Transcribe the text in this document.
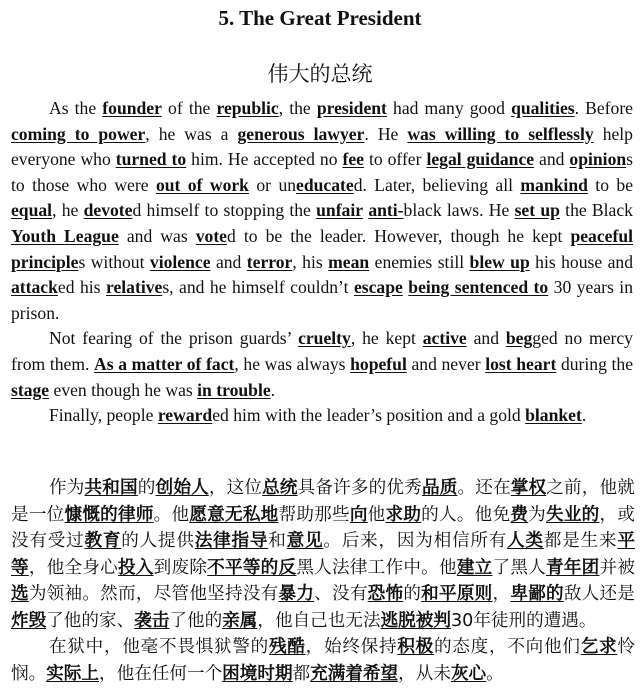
5. The Great President
伟大的总统

As the founder of the republic, the president had many good qualities. Before coming to power, he was a generous lawyer. He was willing to selflessly help everyone who turned to him. He accepted no fee to offer legal guidance and opinions to those who were out of work or uneducated. Later, believing all mankind to be equal, he devoted himself to stopping the unfair anti-black laws. He set up the Black Youth League and was voted to be the leader. However, though he kept peaceful principles without violence and terror, his mean enemies still blew up his house and attacked his relatives, and he himself couldn’t escape being sentenced to 30 years in prison.

Not fearing of the prison guards’ cruelty, he kept active and begged no mercy from them. As a matter of fact, he was always hopeful and never lost heart during the stage even though he was in trouble.

Finally, people rewarded him with the leader’s position and a gold blanket.

作为共和国的创始人，这位总统具备许多的优秀品质。还在掌权之前，他就是一位慷慨的律师。他愿意无私地帮助那些向他求助的人。他免费为失业的，或没有受过教育的人提供法律指导和意见。后来，因为相信所有人类都是生来平等，他全身心投入到废除不平等的反黑人法律工作中。他建立了黑人青年团并被选为领袖。然而，尽管他坚持没有暴力、没有恐怖的和平原则，卑鄙的敌人还是炸毁了他的家、袭击了他的亲属，他自己也无法逃脱被判30年徒刑的遭遇。

在狱中，他毫不畏惧狱警的残酷，始终保持积极的态度，不向他们乞求怜悯。实际上，他在任何一个困境时期都充满着希望，从未灰心。
